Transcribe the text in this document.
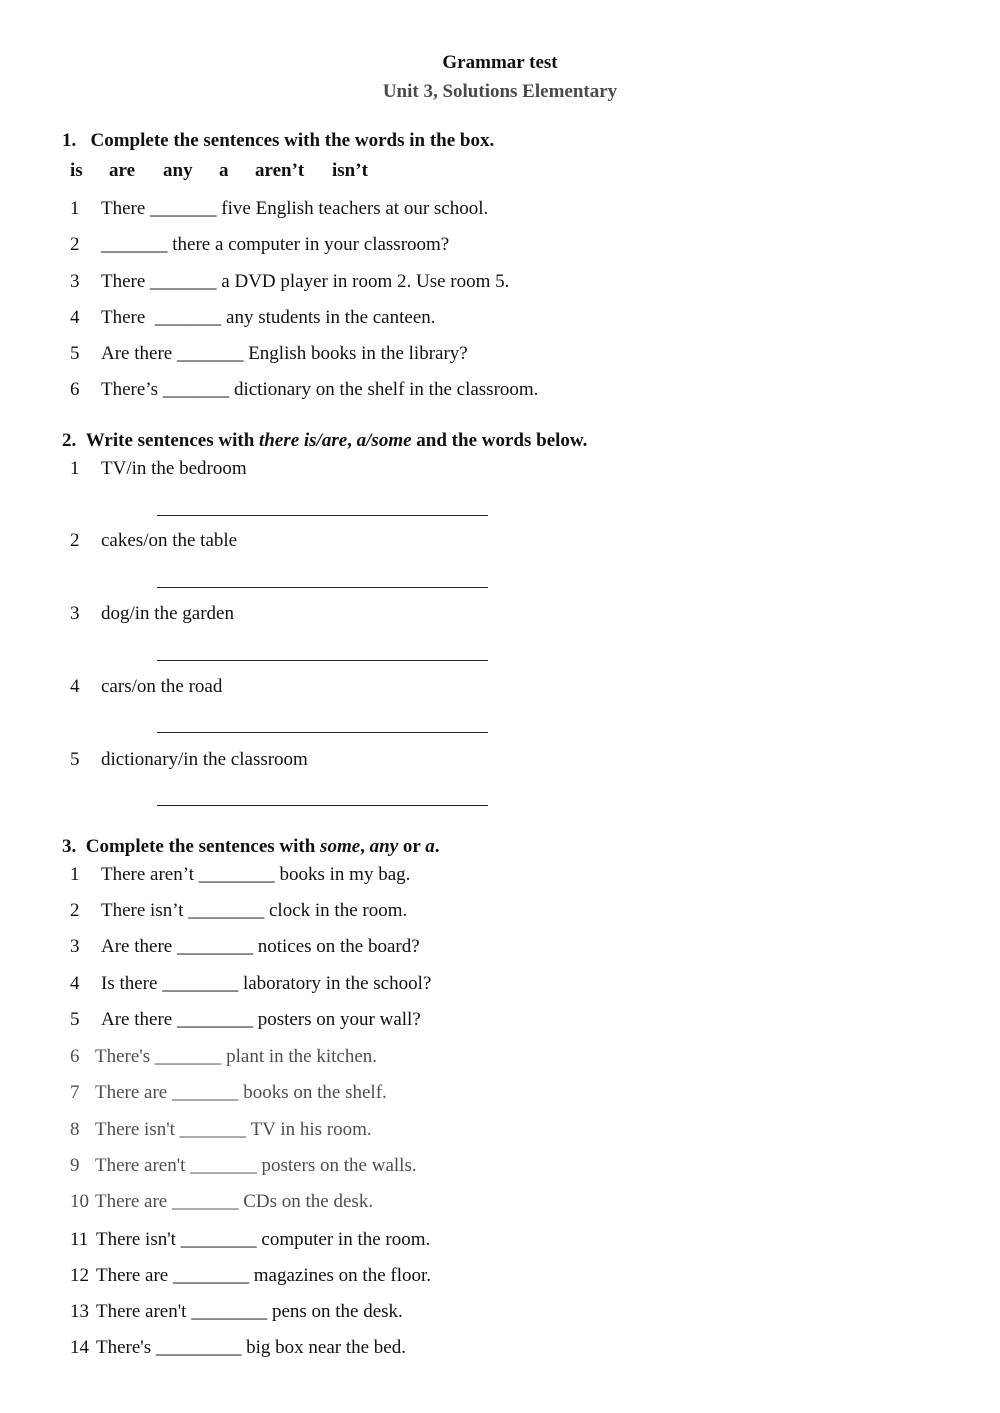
Grammar test
Unit 3, Solutions Elementary
1. Complete the sentences with the words in the box.
is are any a aren’t isn’t
1 There _______ five English teachers at our school.
2 _______ there a computer in your classroom?
3 There _______ a DVD player in room 2. Use room 5.
4 There  _______ any students in the canteen.
5 Are there _______ English books in the library?
6 There’s _______ dictionary on the shelf in the classroom.
2. Write sentences with there is/are, a/some and the words below.
1 TV/in the bedroom
2 cakes/on the table
3 dog/in the garden
4 cars/on the road
5 dictionary/in the classroom
3. Complete the sentences with some, any or a.
1 There aren’t ________ books in my bag.
2 There isn’t ________ clock in the room.
3 Are there ________ notices on the board?
4 Is there ________ laboratory in the school?
5 Are there ________ posters on your wall?
6 There's _______ plant in the kitchen.
7 There are _______ books on the shelf.
8 There isn't _______ TV in his room.
9 There aren't _______ posters on the walls.
10 There are _______ CDs on the desk.
11 There isn't ________ computer in the room.
12 There are ________ magazines on the floor.
13 There aren't ________ pens on the desk.
14 There's _________ big box near the bed.
